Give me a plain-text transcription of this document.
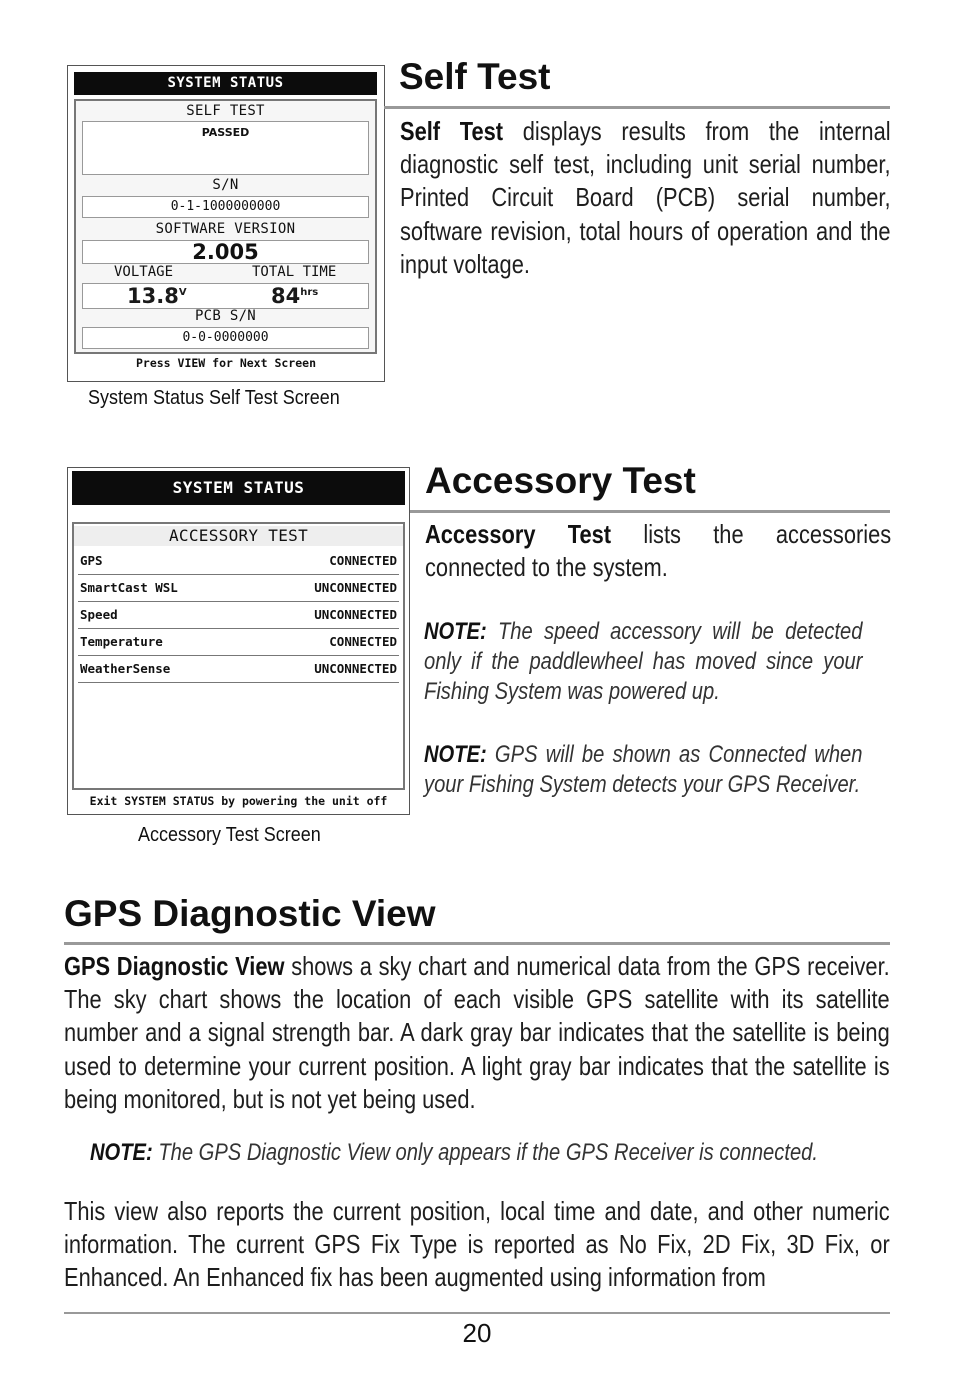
SYSTEM STATUS
SELF TEST
PASSED
S/N
0-1-1000000000
SOFTWARE VERSION
2.005
VOLTAGE	TOTAL TIME
$13.8^V$	$84^{hrs}$
PCB S/N
0-0-0000000
Press VIEW for Next Screen
System Status Self Test Screen
Self Test
Self Test displays results from the internal diagnostic self test, including unit serial number, Printed Circuit Board (PCB) serial number, software revision, total hours of operation and the input voltage.
SYSTEM STATUS
ACCESSORY TEST
GPS	CONNECTED
SmartCast WSL	UNCONNECTED
Speed	UNCONNECTED
Temperature	CONNECTED
WeatherSense	UNCONNECTED
Exit SYSTEM STATUS by powering the unit off
Accessory Test Screen
Accessory Test
Accessory Test lists the accessories connected to the system.
NOTE: The speed accessory will be detected only if the paddlewheel has moved since your Fishing System was powered up.
NOTE: GPS will be shown as Connected when your Fishing System detects your GPS Receiver.
GPS Diagnostic View
GPS Diagnostic View shows a sky chart and numerical data from the GPS receiver. The sky chart shows the location of each visible GPS satellite with its satellite number and a signal strength bar. A dark gray bar indicates that the satellite is being used to determine your current position. A light gray bar indicates that the satellite is being monitored, but is not yet being used.
NOTE: The GPS Diagnostic View only appears if the GPS Receiver is connected.
This view also reports the current position, local time and date, and other numeric information. The current GPS Fix Type is reported as No Fix, 2D Fix, 3D Fix, or Enhanced. An Enhanced fix has been augmented using information from
20
